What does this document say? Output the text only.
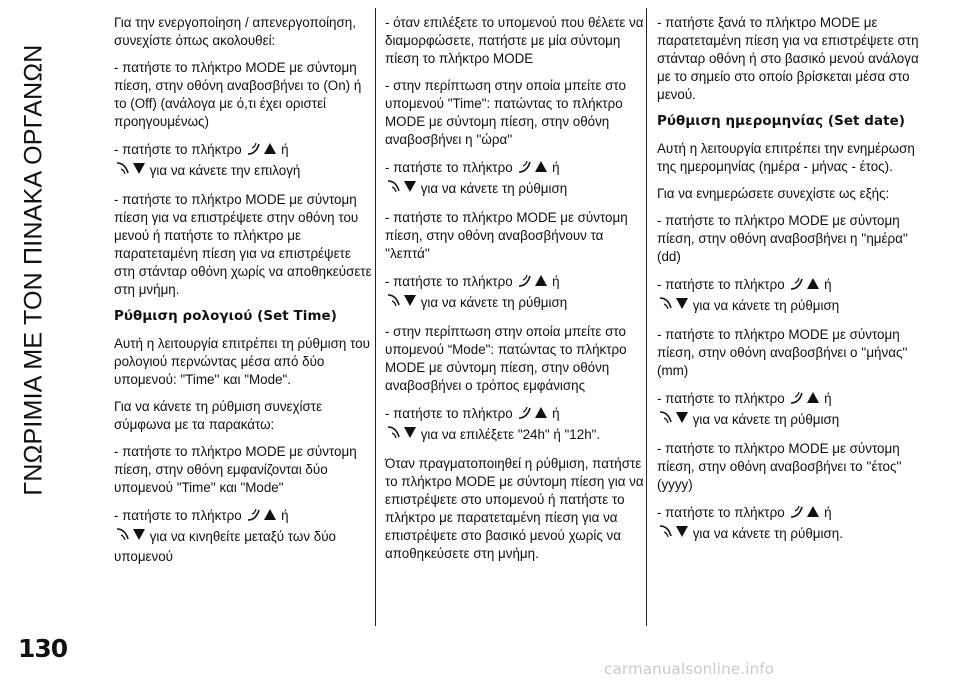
ΓΝΩΡΙΜΙΑ ΜΕ ΤΟΝ ΠΙΝΑΚΑ ΟΡΓΑΝΩΝ
130

Για την ενεργοποίηση / απενεργοποίηση, συνεχίστε όπως ακολουθεί:

- πατήστε το πλήκτρο MODE με σύντομη πίεση, στην οθόνη αναβοσβήνει το (On) ή το (Off) (ανάλογα με ό,τι έχει οριστεί προηγουμένως)

- πατήστε το πλήκτρο	ή
για να κάνετε την επιλογή

- πατήστε το πλήκτρο MODE με σύντομη πίεση για να επιστρέψετε στην οθόνη του μενού ή πατήστε το πλήκτρο με παρατεταμένη πίεση για να επιστρέψετε στη στάνταρ οθόνη χωρίς να αποθηκεύσετε στη μνήμη.

Ρύθμιση ρολογιού (Set Time)

Αυτή η λειτουργία επιτρέπει τη ρύθμιση του ρολογιού περνώντας μέσα από δύο υπομενού: "Time'' και "Mode".

Για να κάνετε τη ρύθμιση συνεχίστε σύμφωνα με τα παρακάτω:

- πατήστε το πλήκτρο MODE με σύντομη πίεση, στην οθόνη εμφανίζονται δύο υπομενού "Time'' και "Mode"

- πατήστε το πλήκτρο	ή
για να κινηθείτε μεταξύ των δύο υπομενού

- όταν επιλέξετε το υπομενού που θέλετε να διαμορφώσετε, πατήστε με μία σύντομη πίεση το πλήκτρο MODE

- στην περίπτωση στην οποία μπείτε στο υπομενού "Time": πατώντας το πλήκτρο MODE με σύντομη πίεση, στην οθόνη αναβοσβήνει η ''ώρα''

- πατήστε το πλήκτρο	ή
για να κάνετε τη ρύθμιση

- πατήστε το πλήκτρο MODE με σύντομη πίεση, στην οθόνη αναβοσβήνουν τα ''λεπτά''

- πατήστε το πλήκτρο	ή
για να κάνετε τη ρύθμιση

- στην περίπτωση στην οποία μπείτε στο υπομενού “Mode": πατώντας το πλήκτρο MODE με σύντομη πίεση, στην οθόνη αναβοσβήνει ο τρόπος εμφάνισης

- πατήστε το πλήκτρο	ή
για να επιλέξετε "24h" ή "12h".

Όταν πραγματοποιηθεί η ρύθμιση, πατήστε το πλήκτρο MODE με σύντομη πίεση για να επιστρέψετε στο υπομενού ή πατήστε το πλήκτρο με παρατεταμένη πίεση για να επιστρέψετε στο βασικό μενού χωρίς να αποθηκεύσετε στη μνήμη.

- πατήστε ξανά το πλήκτρο MODE με παρατεταμένη πίεση για να επιστρέψετε στη στάνταρ οθόνη ή στο βασικό μενού ανάλογα με το σημείο στο οποίο βρίσκεται μέσα στο μενού.

Ρύθμιση ημερομηνίας (Set date)

Αυτή η λειτουργία επιτρέπει την ενημέρωση της ημερομηνίας (ημέρα - μήνας - έτος).

Για να ενημερώσετε συνεχίστε ως εξής:

- πατήστε το πλήκτρο MODE με σύντομη πίεση, στην οθόνη αναβοσβήνει η ''ημέρα'' (dd)

- πατήστε το πλήκτρο	ή
για να κάνετε τη ρύθμιση

- πατήστε το πλήκτρο MODE με σύντομη πίεση, στην οθόνη αναβοσβήνει ο ''μήνας'' (mm)

- πατήστε το πλήκτρο	ή
για να κάνετε τη ρύθμιση

- πατήστε το πλήκτρο MODE με σύντομη πίεση, στην οθόνη αναβοσβήνει το ''έτος'' (yyyy)

- πατήστε το πλήκτρο	ή
για να κάνετε τη ρύθμιση.

carmanualsonline.info
